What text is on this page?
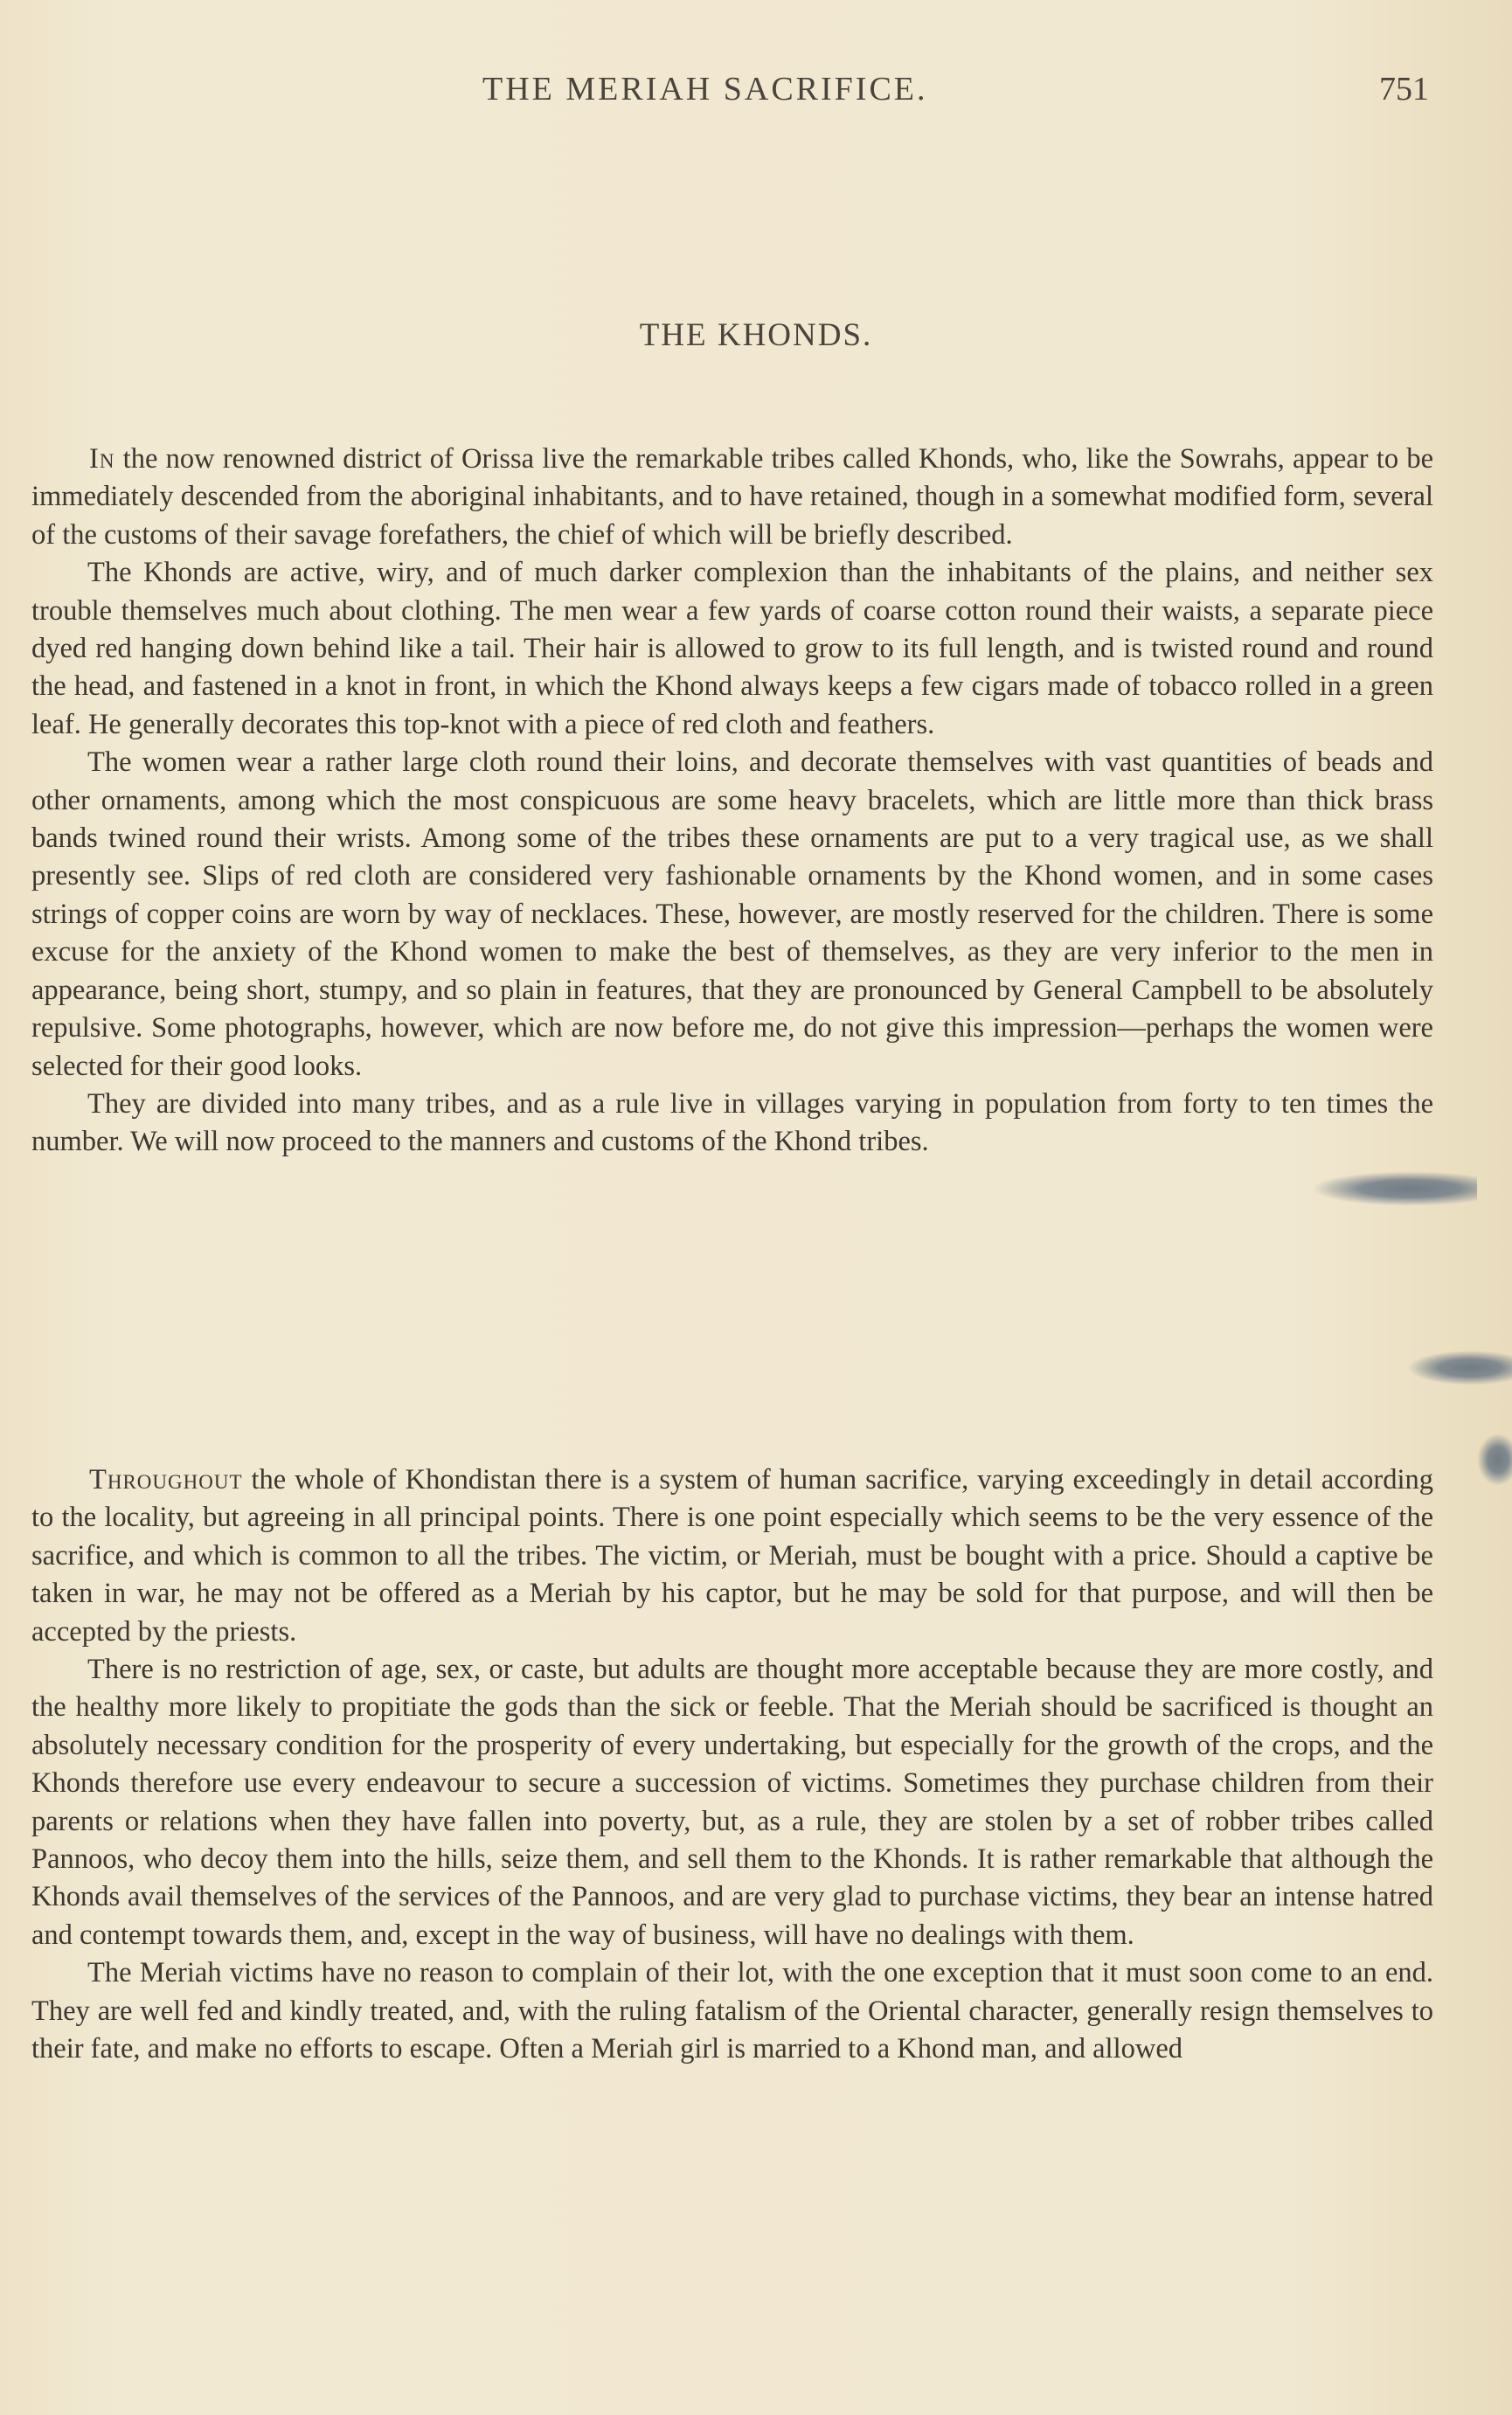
THE MERIAH SACRIFICE.	751
THE KHONDS.

In the now renowned district of Orissa live the remarkable tribes called Khonds, who, like the Sowrahs, appear to be immediately descended from the aboriginal inhabitants, and to have retained, though in a somewhat modified form, several of the customs of their savage forefathers, the chief of which will be briefly described.

The Khonds are active, wiry, and of much darker complexion than the inhabitants of the plains, and neither sex trouble themselves much about clothing. The men wear a few yards of coarse cotton round their waists, a separate piece dyed red hanging down behind like a tail. Their hair is allowed to grow to its full length, and is twisted round and round the head, and fastened in a knot in front, in which the Khond always keeps a few cigars made of tobacco rolled in a green leaf. He generally decorates this top-knot with a piece of red cloth and feathers.

The women wear a rather large cloth round their loins, and decorate themselves with vast quantities of beads and other ornaments, among which the most conspicuous are some heavy bracelets, which are little more than thick brass bands twined round their wrists. Among some of the tribes these ornaments are put to a very tragical use, as we shall presently see. Slips of red cloth are considered very fashionable ornaments by the Khond women, and in some cases strings of copper coins are worn by way of necklaces. These, however, are mostly reserved for the children. There is some excuse for the anxiety of the Khond women to make the best of themselves, as they are very inferior to the men in appearance, being short, stumpy, and so plain in features, that they are pronounced by General Campbell to be absolutely repulsive. Some photographs, however, which are now before me, do not give this impression—perhaps the women were selected for their good looks.

They are divided into many tribes, and as a rule live in villages varying in population from forty to ten times the number. We will now proceed to the manners and customs of the Khond tribes.

Throughout the whole of Khondistan there is a system of human sacrifice, varying exceedingly in detail according to the locality, but agreeing in all principal points. There is one point especially which seems to be the very essence of the sacrifice, and which is common to all the tribes. The victim, or Meriah, must be bought with a price. Should a captive be taken in war, he may not be offered as a Meriah by his captor, but he may be sold for that purpose, and will then be accepted by the priests.

There is no restriction of age, sex, or caste, but adults are thought more acceptable because they are more costly, and the healthy more likely to propitiate the gods than the sick or feeble. That the Meriah should be sacrificed is thought an absolutely necessary condition for the prosperity of every undertaking, but especially for the growth of the crops, and the Khonds therefore use every endeavour to secure a succession of victims. Sometimes they purchase children from their parents or relations when they have fallen into poverty, but, as a rule, they are stolen by a set of robber tribes called Pannoos, who decoy them into the hills, seize them, and sell them to the Khonds. It is rather remarkable that although the Khonds avail themselves of the services of the Pannoos, and are very glad to purchase victims, they bear an intense hatred and contempt towards them, and, except in the way of business, will have no dealings with them.

The Meriah victims have no reason to complain of their lot, with the one exception that it must soon come to an end. They are well fed and kindly treated, and, with the ruling fatalism of the Oriental character, generally resign themselves to their fate, and make no efforts to escape. Often a Meriah girl is married to a Khond man, and allowed
